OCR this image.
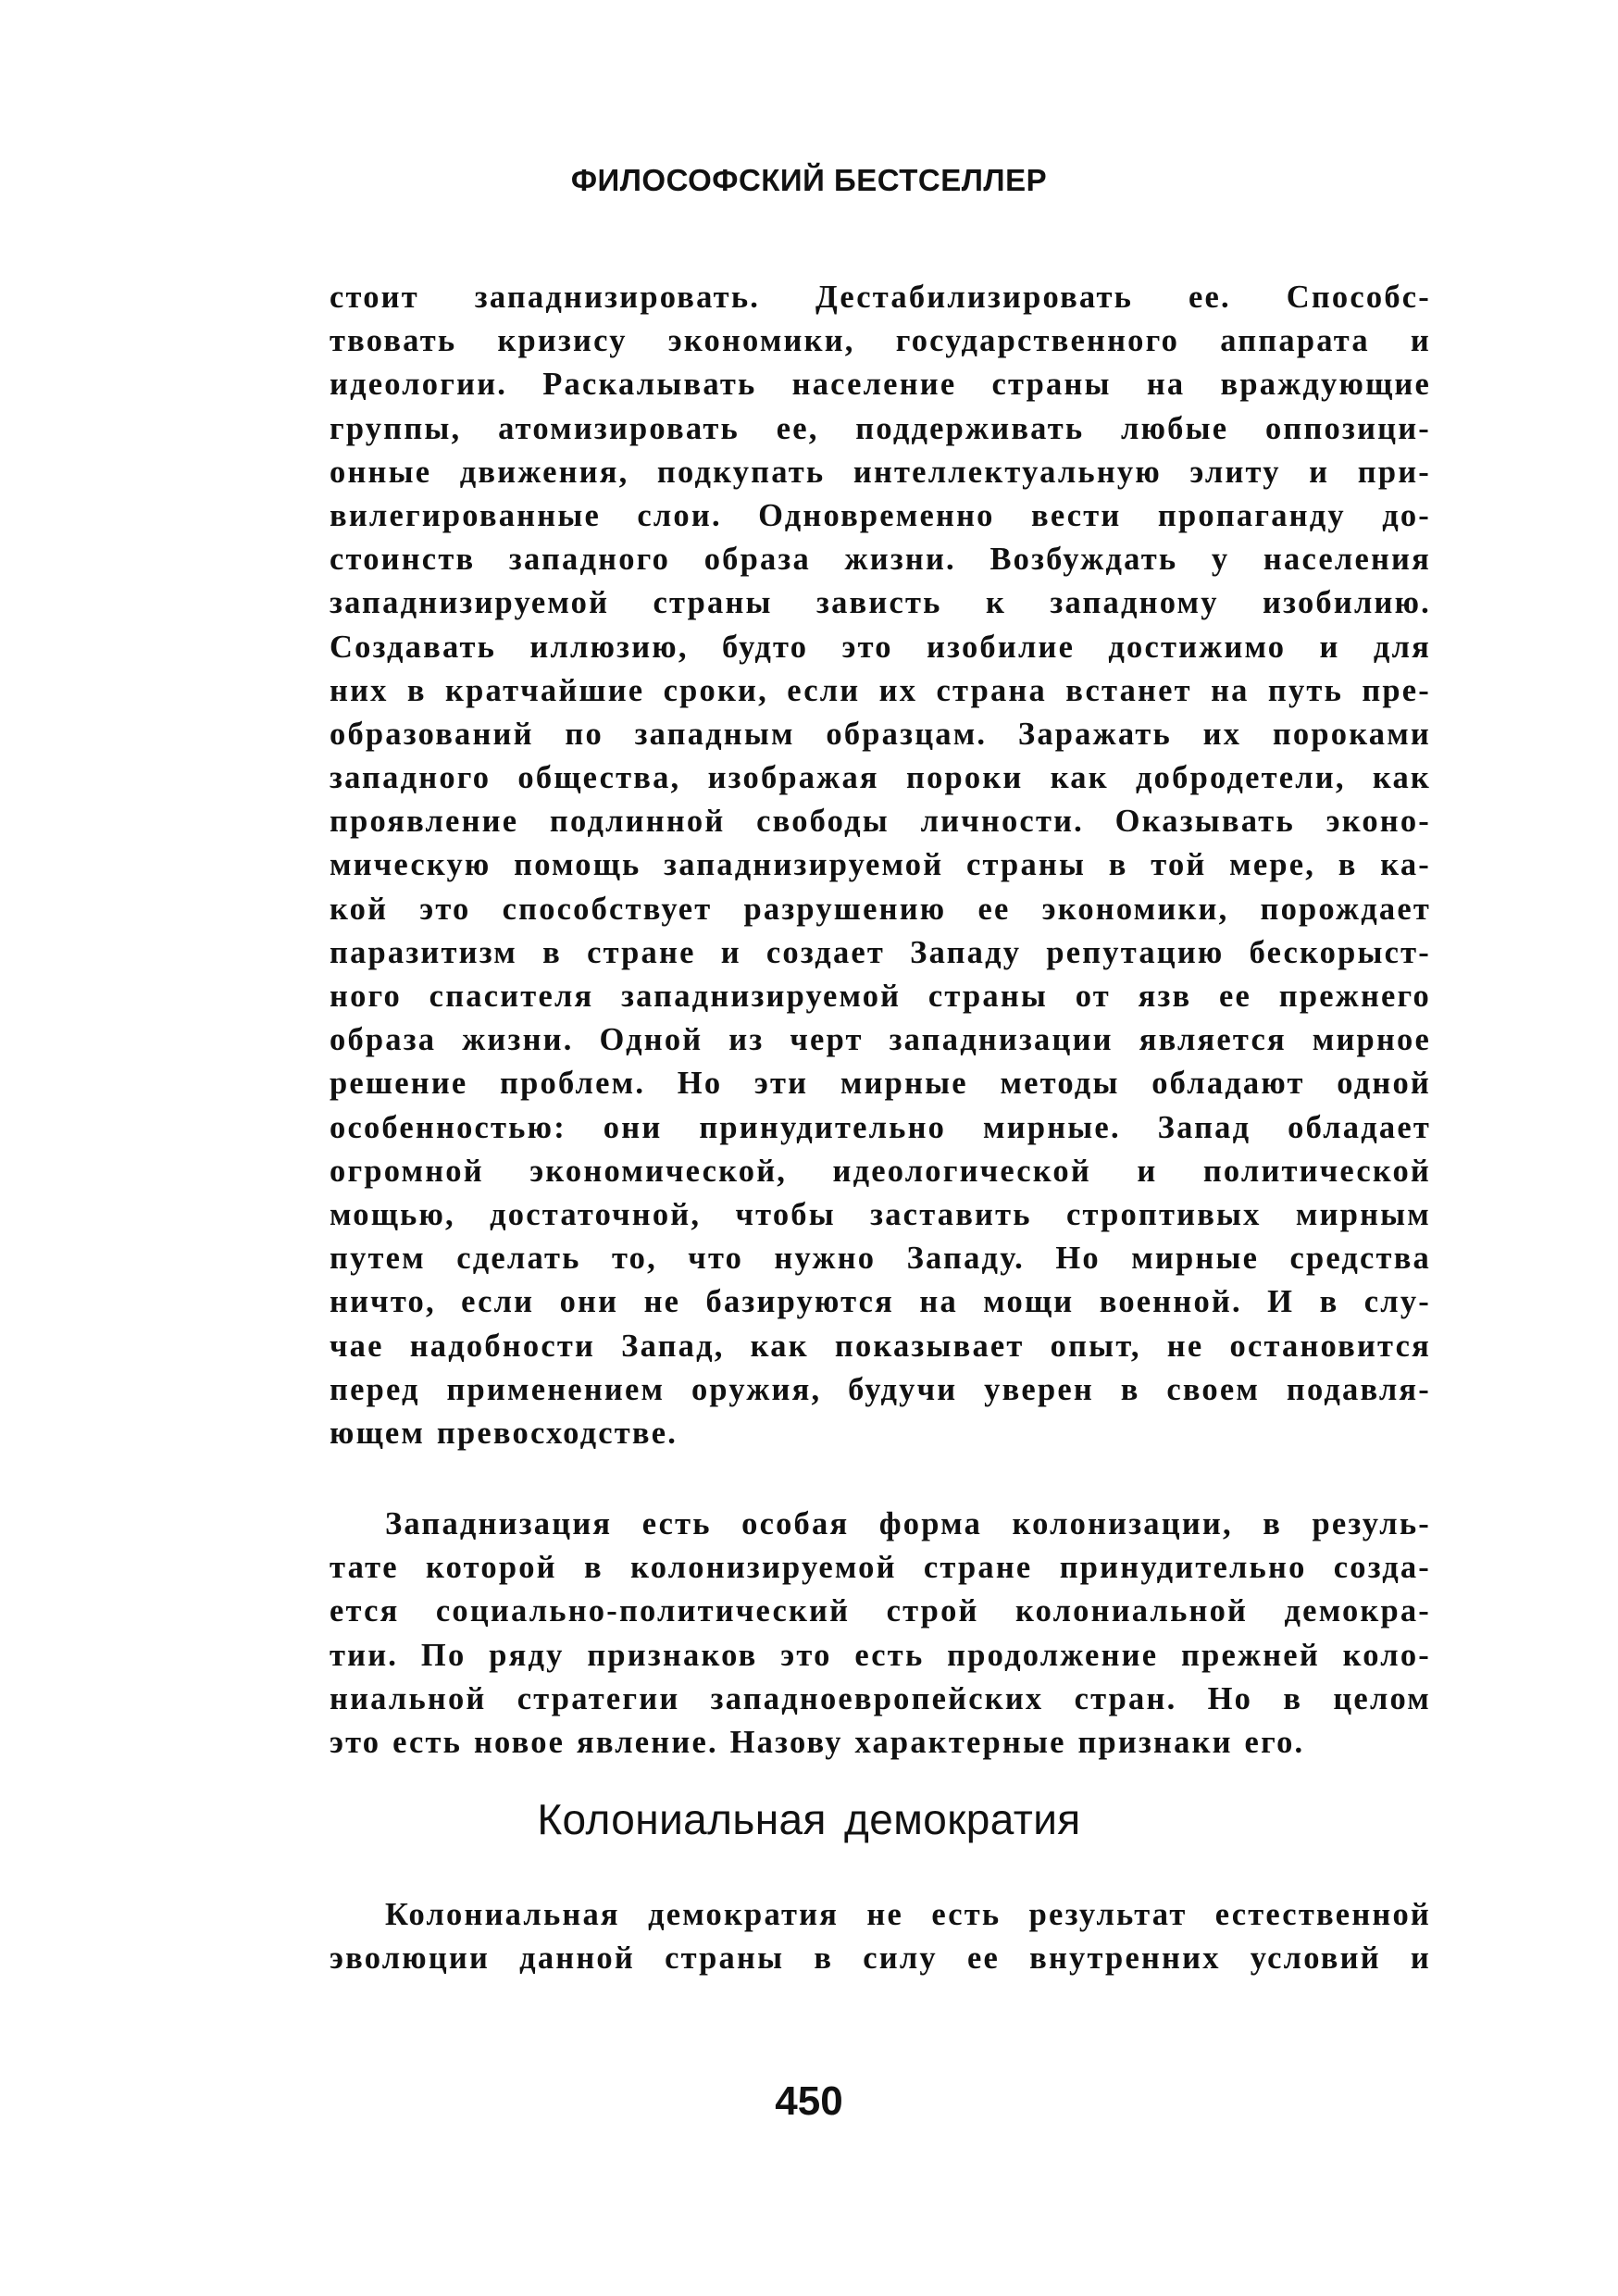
ФИЛОСОФСКИЙ БЕСТСЕЛЛЕР
стоит западнизировать. Дестабилизировать ее. Способс-
твовать кризису экономики, государственного аппарата и
идеологии. Раскалывать население страны на враждующие
группы, атомизировать ее, поддерживать любые оппозици-
онные движения, подкупать интеллектуальную элиту и при-
вилегированные слои. Одновременно вести пропаганду до-
стоинств западного образа жизни. Возбуждать у населения
западнизируемой страны зависть к западному изобилию.
Создавать иллюзию, будто это изобилие достижимо и для
них в кратчайшие сроки, если их страна встанет на путь пре-
образований по западным образцам. Заражать их пороками
западного общества, изображая пороки как добродетели, как
проявление подлинной свободы личности. Оказывать эконо-
мическую помощь западнизируемой страны в той мере, в ка-
кой это способствует разрушению ее экономики, порождает
паразитизм в стране и создает Западу репутацию бескорыст-
ного спасителя западнизируемой страны от язв ее прежнего
образа жизни. Одной из черт западнизации является мирное
решение проблем. Но эти мирные методы обладают одной
особенностью: они принудительно мирные. Запад обладает
огромной экономической, идеологической и политической
мощью, достаточной, чтобы заставить строптивых мирным
путем сделать то, что нужно Западу. Но мирные средства
ничто, если они не базируются на мощи военной. И в слу-
чае надобности Запад, как показывает опыт, не остановится
перед применением оружия, будучи уверен в своем подавля-
ющем превосходстве.
Западнизация есть особая форма колонизации, в резуль-
тате которой в колонизируемой стране принудительно созда-
ется социально-политический строй колониальной демокра-
тии. По ряду признаков это есть продолжение прежней коло-
ниальной стратегии западноевропейских стран. Но в целом
это есть новое явление. Назову характерные признаки его.
Колониальная демократия
Колониальная демократия не есть результат естественной
эволюции данной страны в силу ее внутренних условий и
450
